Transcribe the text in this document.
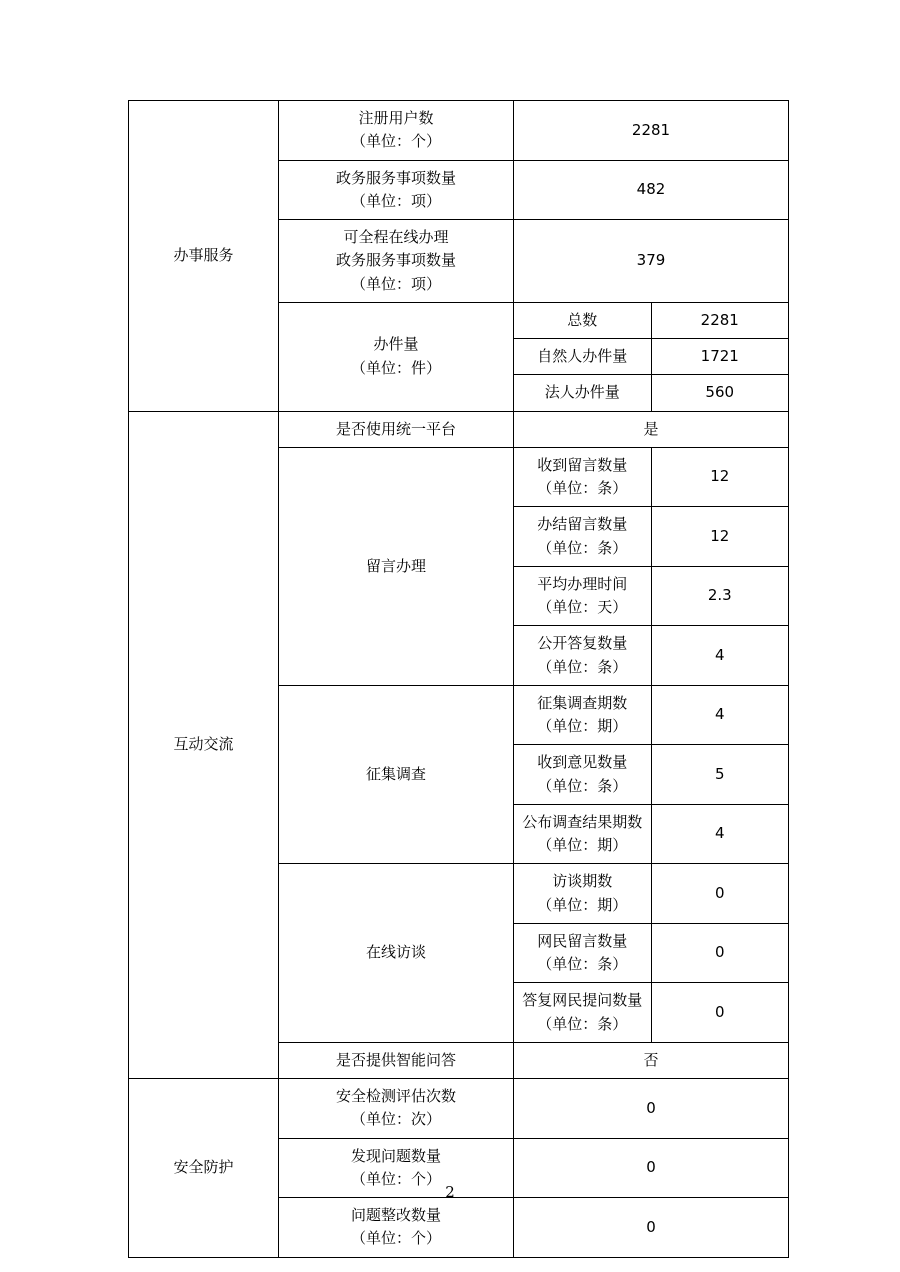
办事服务	注册用户数
（单位：个）	2281	

	政务服务事项数量
（单位：项）	482	

	可全程在线办理
政务服务事项数量
（单位：项）	379	

	办件量
（单位：件）	总数	2281
		自然人办件量	1721
		法人办件量	560
互动交流	是否使用统一平台	是	
	留言办理	收到留言数量
（单位：条）	12

		办结留言数量
（单位：条）	12

		平均办理时间
（单位：天）	2.3

		公开答复数量
（单位：条）	4
	征集调查	征集调查期数
（单位：期）	4

		收到意见数量
（单位：条）	5

		公布调查结果期数
（单位：期）	4
	在线访谈	访谈期数
（单位：期）	0

		网民留言数量
（单位：条）	0

		答复网民提问数量
（单位：条）	0
	是否提供智能问答	否	
安全防护	安全检测评估次数
（单位：次）	0	

	发现问题数量
（单位：个）	0	

	问题整改数量
（单位：个）	0	
2
